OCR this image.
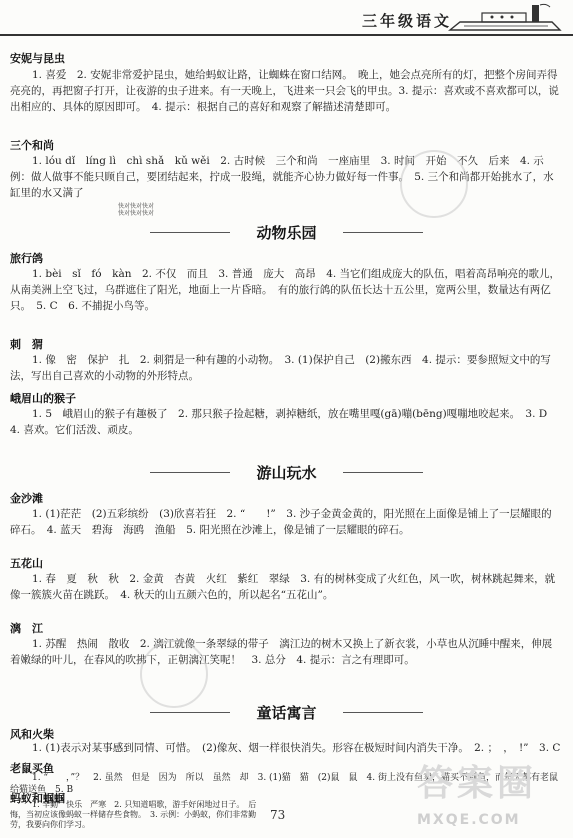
三年级语文
安妮与昆虫
1. 喜爱　2. 安妮非常爱护昆虫，她给蚂蚁让路，让蜘蛛在窗口结网。　晚上，她会点亮所有的灯，把整个房间弄得亮亮的，再把窗子打开，让夜游的虫子进来。有一天晚上，飞进来一只会飞的甲虫。3. 提示：喜欢或不喜欢都可以，说出相应的、具体的原因即可。　4. 提示：根据自己的喜好和观察了解描述清楚即可。
三个和尚
1. lóu dǐ　líng lì　chì shǎ　kǔ wěi　2. 古时候　三个和尚　一座庙里　3. 时间　开始　不久　后来　4. 示例：做人做事不能只顾自己，要团结起来，拧成一股绳，就能齐心协力做好每一件事。　5. 三个和尚都开始挑水了，水缸里的水又满了
快对快对快对
快对快对快对
动物乐园
旅行鸽
1. bèi　sǐ　fó　kàn　2. 不仅　而且　3. 普通　庞大　高昂　4. 当它们组成庞大的队伍，唱着高昂响亮的歌儿，从南美洲上空飞过，乌群遮住了阳光，地面上一片昏暗。　有的旅行鸽的队伍长达十五公里，宽两公里，数量达有两亿只。　5. C　6. 不捕捉小鸟等。
刺　猬
1. 像　密　保护　扎　2. 刺猬是一种有趣的小动物。　3. (1)保护自己　(2)搬东西　4. 提示：要参照短文中的写法，写出自己喜欢的小动物的外形特点。
峨眉山的猴子
1. 5　峨眉山的猴子有趣极了　2. 那只猴子捡起糖，剥掉糖纸，放在嘴里嘎(gā)嘣(bēng)嘎嘣地咬起来。　3. D　4. 喜欢。它们活泼、顽皮。
游山玩水
金沙滩
1. (1)茫茫　(2)五彩缤纷　(3)欣喜若狂　2. “　　!”　3. 沙子金黄金黄的，阳光照在上面像是铺上了一层耀眼的碎石。　4. 蓝天　碧海　海鸥　渔船　5. 阳光照在沙滩上，像是铺了一层耀眼的碎石。
五花山
1. 春　夏　秋　秋　2. 金黄　杏黄　火红　紫红　翠绿　3. 有的树林变成了火红色，风一吹，树林跳起舞来，就像一簇簇火苗在跳跃。　4. 秋天的山五颜六色的，所以起名“五花山”。
漓　江
1. 苏醒　热闹　散收　2. 漓江就像一条翠绿的带子　漓江边的树木又换上了新衣裳，小草也从沉睡中醒来，伸展着嫩绿的叶儿，在春风的吹拂下，正朝漓江笑呢！　3. 总分　4. 提示：言之有理即可。
童话寓言
风和火柴
1. (1)表示对某事感到同情、可惜。　(2)像灰、烟一样很快消失。形容在极短时间内消失干净。　2. ；　，　!”　3. C
老鼠买鱼
1. “　　，”？　2. 虽然　但是　因为　所以　虽然　却　3. (1)猫　猫　(2)鼠　鼠　4. 街上没有鱼卖，猫买不到鱼，而每天都有老鼠给猫送鱼　5. B
蚂蚁和蝈蝈
1. 辛勤　快乐　严寒　2. 只知道唱歌，游手好闲地过日子。　后悔，当初应该像蚂蚁一样储存些食物。　3. 示例：小蚂蚁，你们非常勤劳，我要向你们学习。
73
答案圈
MXQE.COM
